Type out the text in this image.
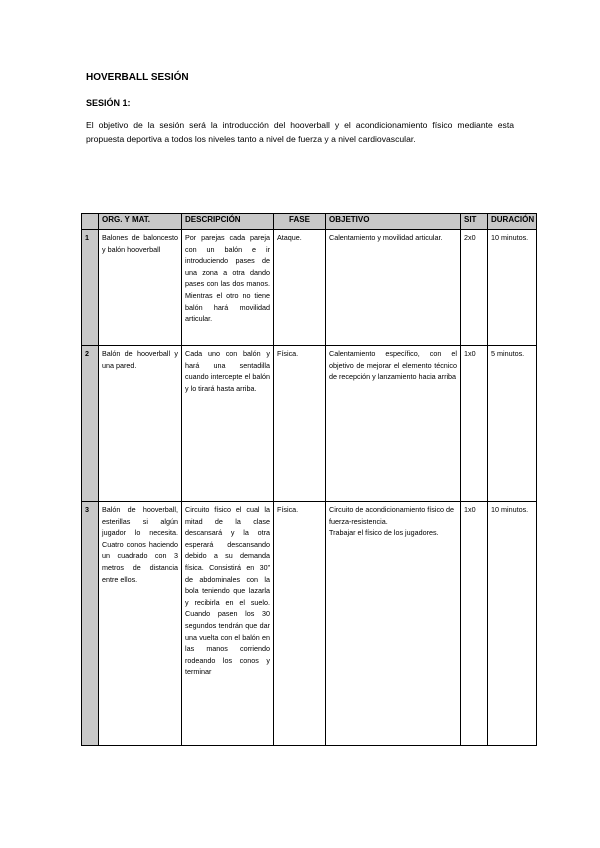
HOVERBALL SESIÓN

SESIÓN 1:

El objetivo de la sesión será la introducción del hooverball y el acondicionamiento físico mediante esta propuesta deportiva a todos los niveles tanto a nivel de fuerza y a nivel cardiovascular.

	ORG. Y MAT.	DESCRIPCIÓN	FASE	OBJETIVO	SIT	DURACIÓN
1	Balones de baloncesto y balón hooverball	Por parejas cada pareja con un balón e ir introduciendo pases de una zona a otra dando pases con las dos manos. Mientras el otro no tiene balón hará movilidad articular.	Ataque.	Calentamiento y movilidad articular.	2x0	10 minutos.
2	Balón de hooverball y una pared.	Cada uno con balón y hará una sentadilla cuando intercepte el balón y lo tirará hasta arriba.	Física.	Calentamiento específico, con el objetivo de mejorar el elemento técnico de recepción y lanzamiento hacia arriba	1x0	5 minutos.
3	Balón de hooverball, esterillas si algún jugador lo necesita. Cuatro conos haciendo un cuadrado con 3 metros de distancia entre ellos.	Circuito físico el cual la mitad de la clase descansará y la otra esperará descansando debido a su demanda física. Consistirá en 30” de abdominales con la bola teniendo que lazarla y recibirla en el suelo. Cuando pasen los 30 segundos tendrán que dar una vuelta con el balón en las manos corriendo rodeando los conos y terminar	Física.	Circuito de acondicionamiento físico de fuerza-resistencia.
Trabajar el físico de los jugadores.	1x0	10 minutos.
